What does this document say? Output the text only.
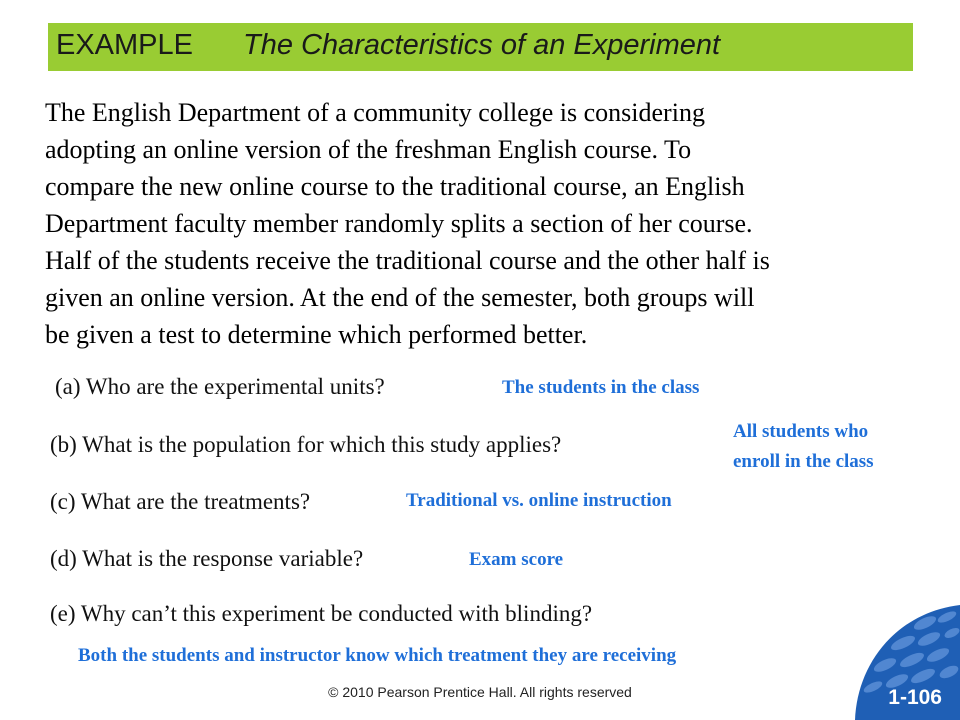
EXAMPLE The Characteristics of an Experiment

The English Department of a community college is considering

adopting an online version of the freshman English course. To

compare the new online course to the traditional course, an English

Department faculty member randomly splits a section of her course.

Half of the students receive the traditional course and the other half is

given an online version. At the end of the semester, both groups will

be given a test to determine which performed better.

(a) Who are the experimental units?	The students in the class
(b) What is the population for which this study applies?
All students who
enroll in the class
(c) What are the treatments?	Traditional vs. online instruction
(d) What is the response variable?	Exam score
(e) Why can’t this experiment be conducted with blinding?
Both the students and instructor know which treatment they are receiving
© 2010 Pearson Prentice Hall. All rights reserved	1-106
